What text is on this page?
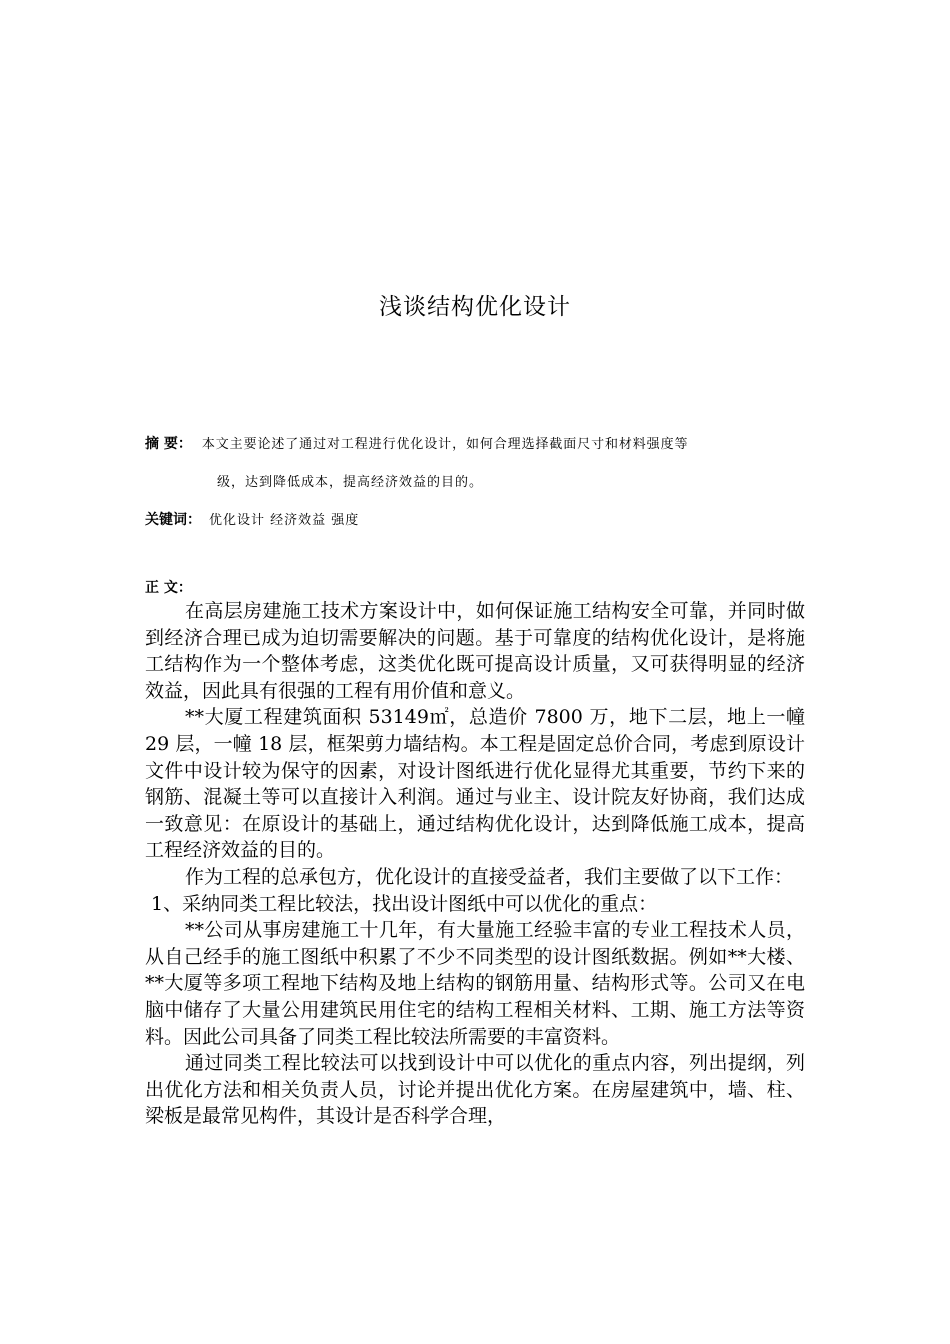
浅谈结构优化设计
摘 要： 本文主要论述了通过对工程进行优化设计，如何合理选择截面尺寸和材料强度等
级，达到降低成本，提高经济效益的目的。
关键词： 优化设计 经济效益 强度
正 文：

在高层房建施工技术方案设计中，如何保证施工结构安全可靠，并同时做到经济合理已成为迫切需要解决的问题。基于可靠度的结构优化设计，是将施工结构作为一个整体考虑，这类优化既可提高设计质量，又可获得明显的经济效益，因此具有很强的工程有用价值和意义。

**大厦工程建筑面积 53149㎡，总造价 7800 万，地下二层，地上一幢 29 层，一幢 18 层，框架剪力墙结构。本工程是固定总价合同，考虑到原设计文件中设计较为保守的因素，对设计图纸进行优化显得尤其重要，节约下来的钢筋、混凝土等可以直接计入利润。通过与业主、设计院友好协商，我们达成一致意见：在原设计的基础上，通过结构优化设计，达到降低施工成本，提高工程经济效益的目的。

作为工程的总承包方，优化设计的直接受益者，我们主要做了以下工作：

1、采纳同类工程比较法，找出设计图纸中可以优化的重点：

**公司从事房建施工十几年，有大量施工经验丰富的专业工程技术人员，从自己经手的施工图纸中积累了不少不同类型的设计图纸数据。例如**大楼、**大厦等多项工程地下结构及地上结构的钢筋用量、结构形式等。公司又在电脑中储存了大量公用建筑民用住宅的结构工程相关材料、工期、施工方法等资料。因此公司具备了同类工程比较法所需要的丰富资料。

通过同类工程比较法可以找到设计中可以优化的重点内容，列出提纲，列出优化方法和相关负责人员，讨论并提出优化方案。在房屋建筑中，墙、柱、梁板是最常见构件，其设计是否科学合理，
